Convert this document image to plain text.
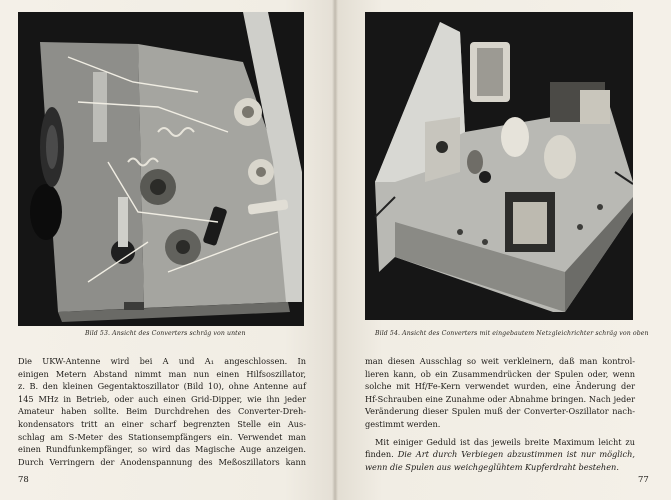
Bild 53. Ansicht des Converters schräg von unten
Die UKW-Antenne wird bei A und A₁ angeschlossen. In
einigen Metern Abstand nimmt man nun einen Hilfsoszillator,
z. B. den kleinen Gegentaktoszillator (Bild 10), ohne Antenne auf
145 MHz in Betrieb, oder auch einen Grid-Dipper, wie ihn jeder
Amateur haben sollte. Beim Durchdrehen des Converter-Dreh-
kondensators tritt an einer scharf begrenzten Stelle ein Aus-
schlag am S-Meter des Stationsempfängers ein. Verwendet man
einen Rundfunkempfänger, so wird das Magische Auge anzeigen.
Durch Verringern der Anodenspannung des Meßoszillators kann
78
Bild 54. Ansicht des Converters mit eingebautem Netzgleichrichter schräg von oben
man diesen Ausschlag so weit verkleinern, daß man kontrol-
lieren kann, ob ein Zusammendrücken der Spulen oder, wenn
solche mit Hf/Fe-Kern verwendet wurden, eine Änderung der
Hf-Schrauben eine Zunahme oder Abnahme bringen. Nach jeder
Veränderung dieser Spulen muß der Converter-Oszillator nach-
gestimmt werden.
Mit einiger Geduld ist das jeweils breite Maximum leicht zu
finden. Die Art durch Verbiegen abzustimmen ist nur möglich,
wenn die Spulen aus weichgeglühtem Kupferdraht bestehen.
77
